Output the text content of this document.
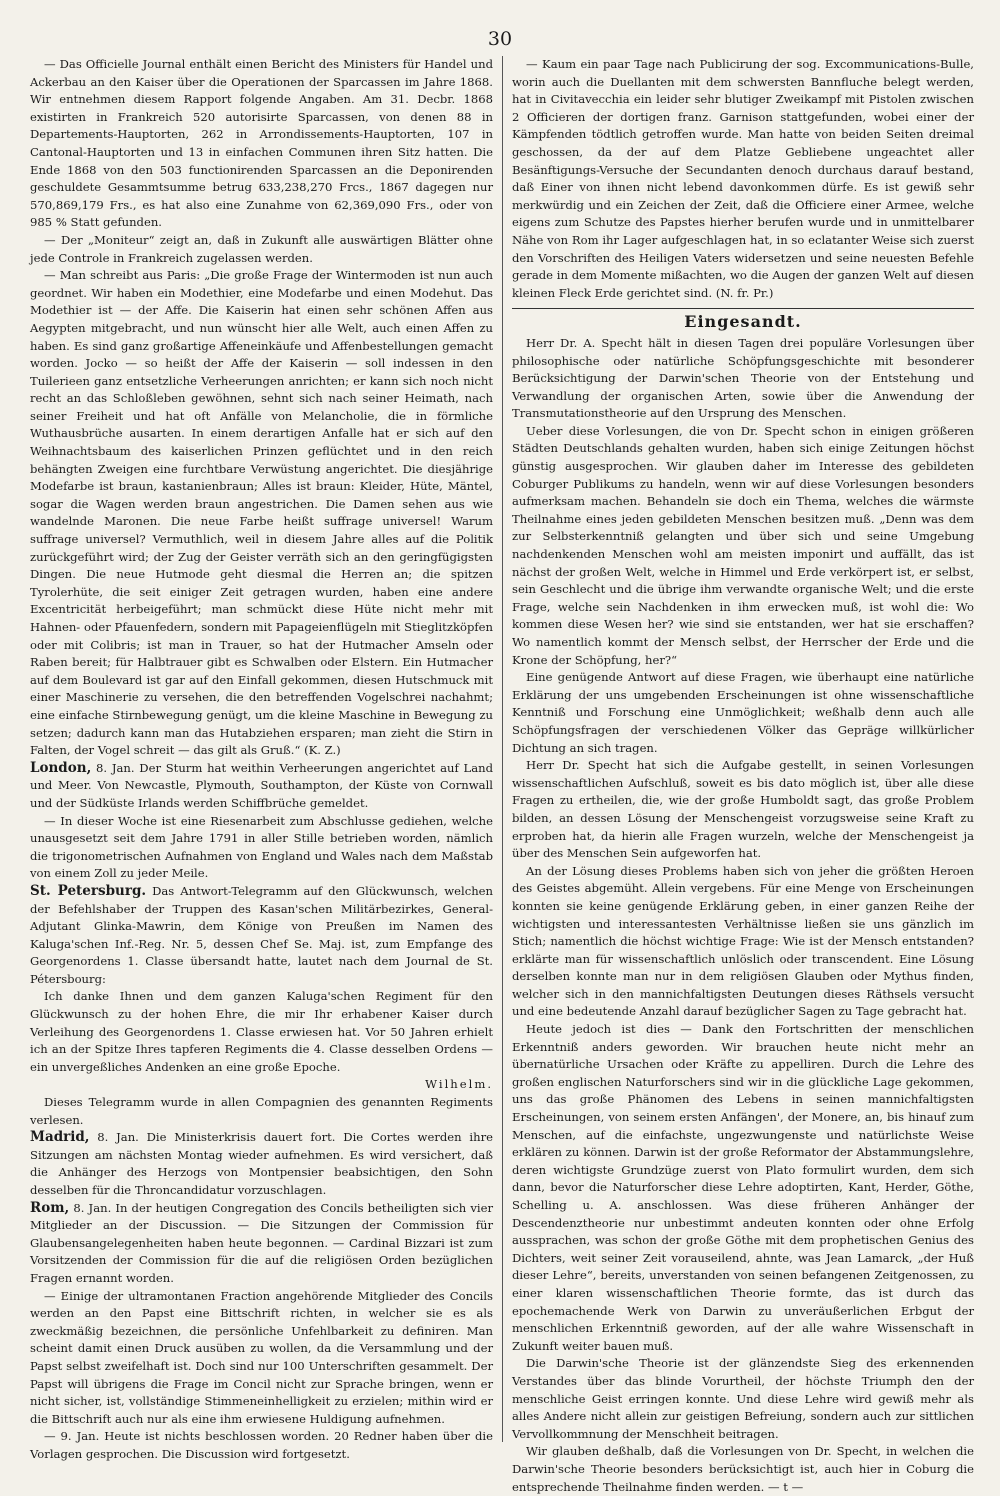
30

— Das Officielle Journal enthält einen Bericht des Ministers für Handel und Ackerbau an den Kaiser über die Operationen der Sparcassen im Jahre 1868. Wir entnehmen diesem Rapport folgende Angaben. Am 31. Decbr. 1868 existirten in Frankreich 520 autorisirte Sparcassen, von denen 88 in Departements-Hauptorten, 262 in Arrondissements-Hauptorten, 107 in Cantonal-Hauptorten und 13 in einfachen Communen ihren Sitz hatten. Die Ende 1868 von den 503 functionirenden Sparcassen an die Deponirenden geschuldete Gesammtsumme betrug 633,238,270 Frcs., 1867 dagegen nur 570,869,179 Frs., es hat also eine Zunahme von 62,369,090 Frs., oder von 985 % Statt gefunden.

— Der „Moniteur“ zeigt an, daß in Zukunft alle auswärtigen Blätter ohne jede Controle in Frankreich zugelassen werden.

— Man schreibt aus Paris: „Die große Frage der Wintermoden ist nun auch geordnet. Wir haben ein Modethier, eine Modefarbe und einen Modehut. Das Modethier ist — der Affe. Die Kaiserin hat einen sehr schönen Affen aus Aegypten mitgebracht, und nun wünscht hier alle Welt, auch einen Affen zu haben. Es sind ganz großartige Affeneinkäufe und Affenbestellungen gemacht worden. Jocko — so heißt der Affe der Kaiserin — soll indessen in den Tuilerieen ganz entsetzliche Verheerungen anrichten; er kann sich noch nicht recht an das Schloßleben gewöhnen, sehnt sich nach seiner Heimath, nach seiner Freiheit und hat oft Anfälle von Melancholie, die in förmliche Wuthausbrüche ausarten. In einem derartigen Anfalle hat er sich auf den Weihnachtsbaum des kaiserlichen Prinzen geflüchtet und in den reich behängten Zweigen eine furchtbare Verwüstung angerichtet. Die diesjährige Modefarbe ist braun, kastanienbraun; Alles ist braun: Kleider, Hüte, Mäntel, sogar die Wagen werden braun angestrichen. Die Damen sehen aus wie wandelnde Maronen. Die neue Farbe heißt suffrage universel! Warum suffrage universel? Vermuthlich, weil in diesem Jahre alles auf die Politik zurückgeführt wird; der Zug der Geister verräth sich an den geringfügigsten Dingen. Die neue Hutmode geht diesmal die Herren an; die spitzen Tyrolerhüte, die seit einiger Zeit getragen wurden, haben eine andere Excentricität herbeigeführt; man schmückt diese Hüte nicht mehr mit Hahnen- oder Pfauenfedern, sondern mit Papageienflügeln mit Stieglitzköpfen oder mit Colibris; ist man in Trauer, so hat der Hutmacher Amseln oder Raben bereit; für Halbtrauer gibt es Schwalben oder Elstern. Ein Hutmacher auf dem Boulevard ist gar auf den Einfall gekommen, diesen Hutschmuck mit einer Maschinerie zu versehen, die den betreffenden Vogelschrei nachahmt; eine einfache Stirnbewegung genügt, um die kleine Maschine in Bewegung zu setzen; dadurch kann man das Hutabziehen ersparen; man zieht die Stirn in Falten, der Vogel schreit — das gilt als Gruß.“ (K. Z.)

London, 8. Jan. Der Sturm hat weithin Verheerungen angerichtet auf Land und Meer. Von Newcastle, Plymouth, Southampton, der Küste von Cornwall und der Südküste Irlands werden Schiffbrüche gemeldet.

— In dieser Woche ist eine Riesenarbeit zum Abschlusse gediehen, welche unausgesetzt seit dem Jahre 1791 in aller Stille betrieben worden, nämlich die trigonometrischen Aufnahmen von England und Wales nach dem Maßstab von einem Zoll zu jeder Meile.

St. Petersburg. Das Antwort-Telegramm auf den Glückwunsch, welchen der Befehlshaber der Truppen des Kasan'schen Militärbezirkes, General-Adjutant Glinka-Mawrin, dem Könige von Preußen im Namen des Kaluga'schen Inf.-Reg. Nr. 5, dessen Chef Se. Maj. ist, zum Empfange des Georgenordens 1. Classe übersandt hatte, lautet nach dem Journal de St. Pétersbourg:

Ich danke Ihnen und dem ganzen Kaluga'schen Regiment für den Glückwunsch zu der hohen Ehre, die mir Ihr erhabener Kaiser durch Verleihung des Georgenordens 1. Classe erwiesen hat. Vor 50 Jahren erhielt ich an der Spitze Ihres tapferen Regiments die 4. Classe desselben Ordens — ein unvergeßliches Andenken an eine große Epoche.

Wilhelm.

Dieses Telegramm wurde in allen Compagnien des genannten Regiments verlesen.

Madrid, 8. Jan. Die Ministerkrisis dauert fort. Die Cortes werden ihre Sitzungen am nächsten Montag wieder aufnehmen. Es wird versichert, daß die Anhänger des Herzogs von Montpensier beabsichtigen, den Sohn desselben für die Throncandidatur vorzuschlagen.

Rom, 8. Jan. In der heutigen Congregation des Concils betheiligten sich vier Mitglieder an der Discussion. — Die Sitzungen der Commission für Glaubensangelegenheiten haben heute begonnen. — Cardinal Bizzari ist zum Vorsitzenden der Commission für die auf die religiösen Orden bezüglichen Fragen ernannt worden.

— Einige der ultramontanen Fraction angehörende Mitglieder des Concils werden an den Papst eine Bittschrift richten, in welcher sie es als zweckmäßig bezeichnen, die persönliche Unfehlbarkeit zu definiren. Man scheint damit einen Druck ausüben zu wollen, da die Versammlung und der Papst selbst zweifelhaft ist. Doch sind nur 100 Unterschriften gesammelt. Der Papst will übrigens die Frage im Concil nicht zur Sprache bringen, wenn er nicht sicher, ist, vollständige Stimmeneinhelligkeit zu erzielen; mithin wird er die Bittschrift auch nur als eine ihm erwiesene Huldigung aufnehmen.

— 9. Jan. Heute ist nichts beschlossen worden. 20 Redner haben über die Vorlagen gesprochen. Die Discussion wird fortgesetzt.

— Kaum ein paar Tage nach Publicirung der sog. Excommunications-Bulle, worin auch die Duellanten mit dem schwersten Bannfluche belegt werden, hat in Civitavecchia ein leider sehr blutiger Zweikampf mit Pistolen zwischen 2 Officieren der dortigen franz. Garnison stattgefunden, wobei einer der Kämpfenden tödtlich getroffen wurde. Man hatte von beiden Seiten dreimal geschossen, da der auf dem Platze Gebliebene ungeachtet aller Besänftigungs-Versuche der Secundanten denoch durchaus darauf bestand, daß Einer von ihnen nicht lebend davonkommen dürfe. Es ist gewiß sehr merkwürdig und ein Zeichen der Zeit, daß die Officiere einer Armee, welche eigens zum Schutze des Papstes hierher berufen wurde und in unmittelbarer Nähe von Rom ihr Lager aufgeschlagen hat, in so eclatanter Weise sich zuerst den Vorschriften des Heiligen Vaters widersetzen und seine neuesten Befehle gerade in dem Momente mißachten, wo die Augen der ganzen Welt auf diesen kleinen Fleck Erde gerichtet sind. (N. fr. Pr.)

Eingesandt.

Herr Dr. A. Specht hält in diesen Tagen drei populäre Vorlesungen über philosophische oder natürliche Schöpfungsgeschichte mit besonderer Berücksichtigung der Darwin'schen Theorie von der Entstehung und Verwandlung der organischen Arten, sowie über die Anwendung der Transmutationstheorie auf den Ursprung des Menschen.

Ueber diese Vorlesungen, die von Dr. Specht schon in einigen größeren Städten Deutschlands gehalten wurden, haben sich einige Zeitungen höchst günstig ausgesprochen. Wir glauben daher im Interesse des gebildeten Coburger Publikums zu handeln, wenn wir auf diese Vorlesungen besonders aufmerksam machen. Behandeln sie doch ein Thema, welches die wärmste Theilnahme eines jeden gebildeten Menschen besitzen muß. „Denn was dem zur Selbsterkenntniß gelangten und über sich und seine Umgebung nachdenkenden Menschen wohl am meisten imponirt und auffällt, das ist nächst der großen Welt, welche in Himmel und Erde verkörpert ist, er selbst, sein Geschlecht und die übrige ihm verwandte organische Welt; und die erste Frage, welche sein Nachdenken in ihm erwecken muß, ist wohl die: Wo kommen diese Wesen her? wie sind sie entstanden, wer hat sie erschaffen? Wo namentlich kommt der Mensch selbst, der Herrscher der Erde und die Krone der Schöpfung, her?“

Eine genügende Antwort auf diese Fragen, wie überhaupt eine natürliche Erklärung der uns umgebenden Erscheinungen ist ohne wissenschaftliche Kenntniß und Forschung eine Unmöglichkeit; weßhalb denn auch alle Schöpfungsfragen der verschiedenen Völker das Gepräge willkürlicher Dichtung an sich tragen.

Herr Dr. Specht hat sich die Aufgabe gestellt, in seinen Vorlesungen wissenschaftlichen Aufschluß, soweit es bis dato möglich ist, über alle diese Fragen zu ertheilen, die, wie der große Humboldt sagt, das große Problem bilden, an dessen Lösung der Menschengeist vorzugsweise seine Kraft zu erproben hat, da hierin alle Fragen wurzeln, welche der Menschengeist ja über des Menschen Sein aufgeworfen hat.

An der Lösung dieses Problems haben sich von jeher die größten Heroen des Geistes abgemüht. Allein vergebens. Für eine Menge von Erscheinungen konnten sie keine genügende Erklärung geben, in einer ganzen Reihe der wichtigsten und interessantesten Verhältnisse ließen sie uns gänzlich im Stich; namentlich die höchst wichtige Frage: Wie ist der Mensch entstanden? erklärte man für wissenschaftlich unlöslich oder transcendent. Eine Lösung derselben konnte man nur in dem religiösen Glauben oder Mythus finden, welcher sich in den mannichfaltigsten Deutungen dieses Räthsels versucht und eine bedeutende Anzahl darauf bezüglicher Sagen zu Tage gebracht hat.

Heute jedoch ist dies — Dank den Fortschritten der menschlichen Erkenntniß anders geworden. Wir brauchen heute nicht mehr an übernatürliche Ursachen oder Kräfte zu appelliren. Durch die Lehre des großen englischen Naturforschers sind wir in die glückliche Lage gekommen, uns das große Phänomen des Lebens in seinen mannichfaltigsten Erscheinungen, von seinem ersten Anfängen', der Monere, an, bis hinauf zum Menschen, auf die einfachste, ungezwungenste und natürlichste Weise erklären zu können. Darwin ist der große Reformator der Abstammungslehre, deren wichtigste Grundzüge zuerst von Plato formulirt wurden, dem sich dann, bevor die Naturforscher diese Lehre adoptirten, Kant, Herder, Göthe, Schelling u. A. anschlossen. Was diese früheren Anhänger der Descendenztheorie nur unbestimmt andeuten konnten oder ohne Erfolg aussprachen, was schon der große Göthe mit dem prophetischen Genius des Dichters, weit seiner Zeit vorauseilend, ahnte, was Jean Lamarck, „der Huß dieser Lehre“, bereits, unverstanden von seinen befangenen Zeitgenossen, zu einer klaren wissenschaftlichen Theorie formte, das ist durch das epochemachende Werk von Darwin zu unveräußerlichen Erbgut der menschlichen Erkenntniß geworden, auf der alle wahre Wissenschaft in Zukunft weiter bauen muß.

Die Darwin'sche Theorie ist der glänzendste Sieg des erkennenden Verstandes über das blinde Vorurtheil, der höchste Triumph den der menschliche Geist erringen konnte. Und diese Lehre wird gewiß mehr als alles Andere nicht allein zur geistigen Befreiung, sondern auch zur sittlichen Vervollkommnung der Menschheit beitragen.

Wir glauben deßhalb, daß die Vorlesungen von Dr. Specht, in welchen die Darwin'sche Theorie besonders berücksichtigt ist, auch hier in Coburg die entsprechende Theilnahme finden werden. — t —
